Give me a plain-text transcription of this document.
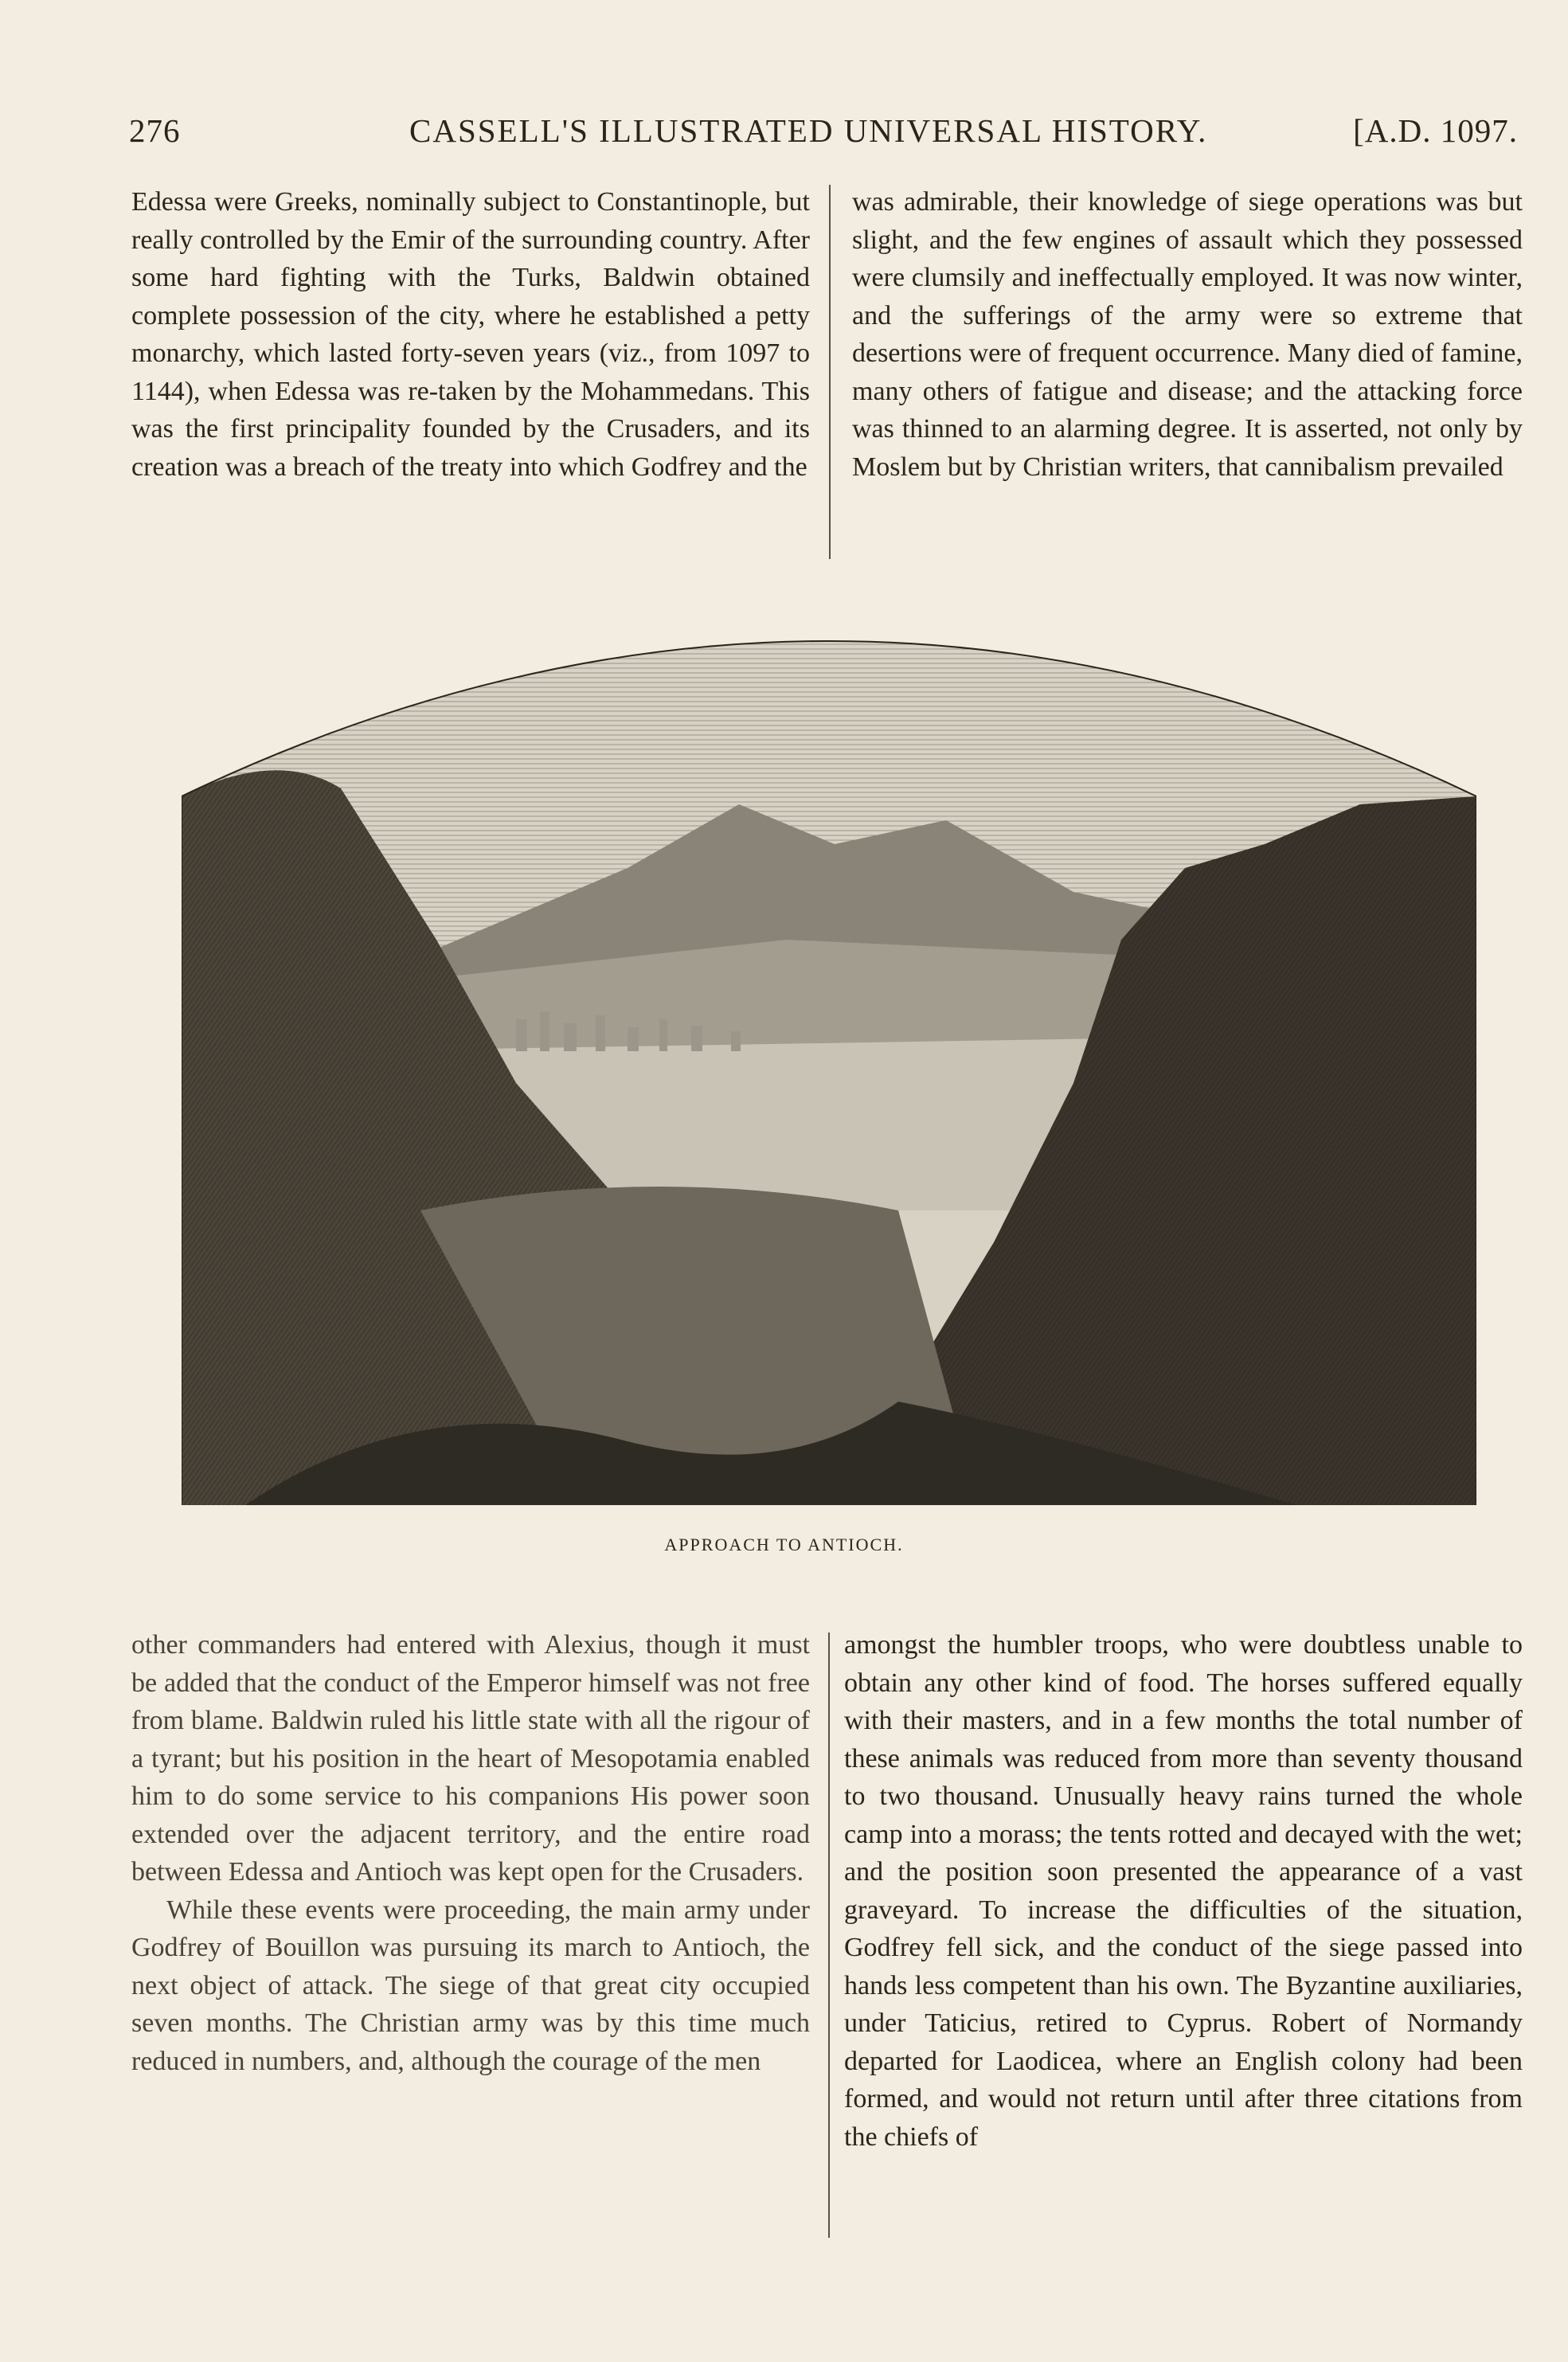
276	CASSELL'S ILLUSTRATED UNIVERSAL HISTORY.	[A.D. 1097.

Edessa were Greeks, nominally subject to Constantinople, but really controlled by the Emir of the surrounding country. After some hard fighting with the Turks, Baldwin obtained complete possession of the city, where he established a petty monarchy, which lasted forty-seven years (viz., from 1097 to 1144), when Edessa was re-taken by the Mohammedans. This was the first principality founded by the Crusaders, and its creation was a breach of the treaty into which Godfrey and the

was admirable, their knowledge of siege operations was but slight, and the few engines of assault which they possessed were clumsily and ineffectually employed. It was now winter, and the sufferings of the army were so extreme that desertions were of frequent occurrence. Many died of famine, many others of fatigue and disease; and the attacking force was thinned to an alarming degree. It is asserted, not only by Moslem but by Christian writers, that cannibalism prevailed

APPROACH TO ANTIOCH.

other commanders had entered with Alexius, though it must be added that the conduct of the Emperor himself was not free from blame. Baldwin ruled his little state with all the rigour of a tyrant; but his position in the heart of Mesopotamia enabled him to do some service to his companions His power soon extended over the adjacent territory, and the entire road between Edessa and Antioch was kept open for the Crusaders.

While these events were proceeding, the main army under Godfrey of Bouillon was pursuing its march to Antioch, the next object of attack. The siege of that great city occupied seven months. The Christian army was by this time much reduced in numbers, and, although the courage of the men

amongst the humbler troops, who were doubtless unable to obtain any other kind of food. The horses suffered equally with their masters, and in a few months the total number of these animals was reduced from more than seventy thousand to two thousand. Unusually heavy rains turned the whole camp into a morass; the tents rotted and decayed with the wet; and the position soon presented the appearance of a vast graveyard. To increase the difficulties of the situation, Godfrey fell sick, and the conduct of the siege passed into hands less competent than his own. The Byzantine auxiliaries, under Taticius, retired to Cyprus. Robert of Normandy departed for Laodicea, where an English colony had been formed, and would not return until after three citations from the chiefs of
